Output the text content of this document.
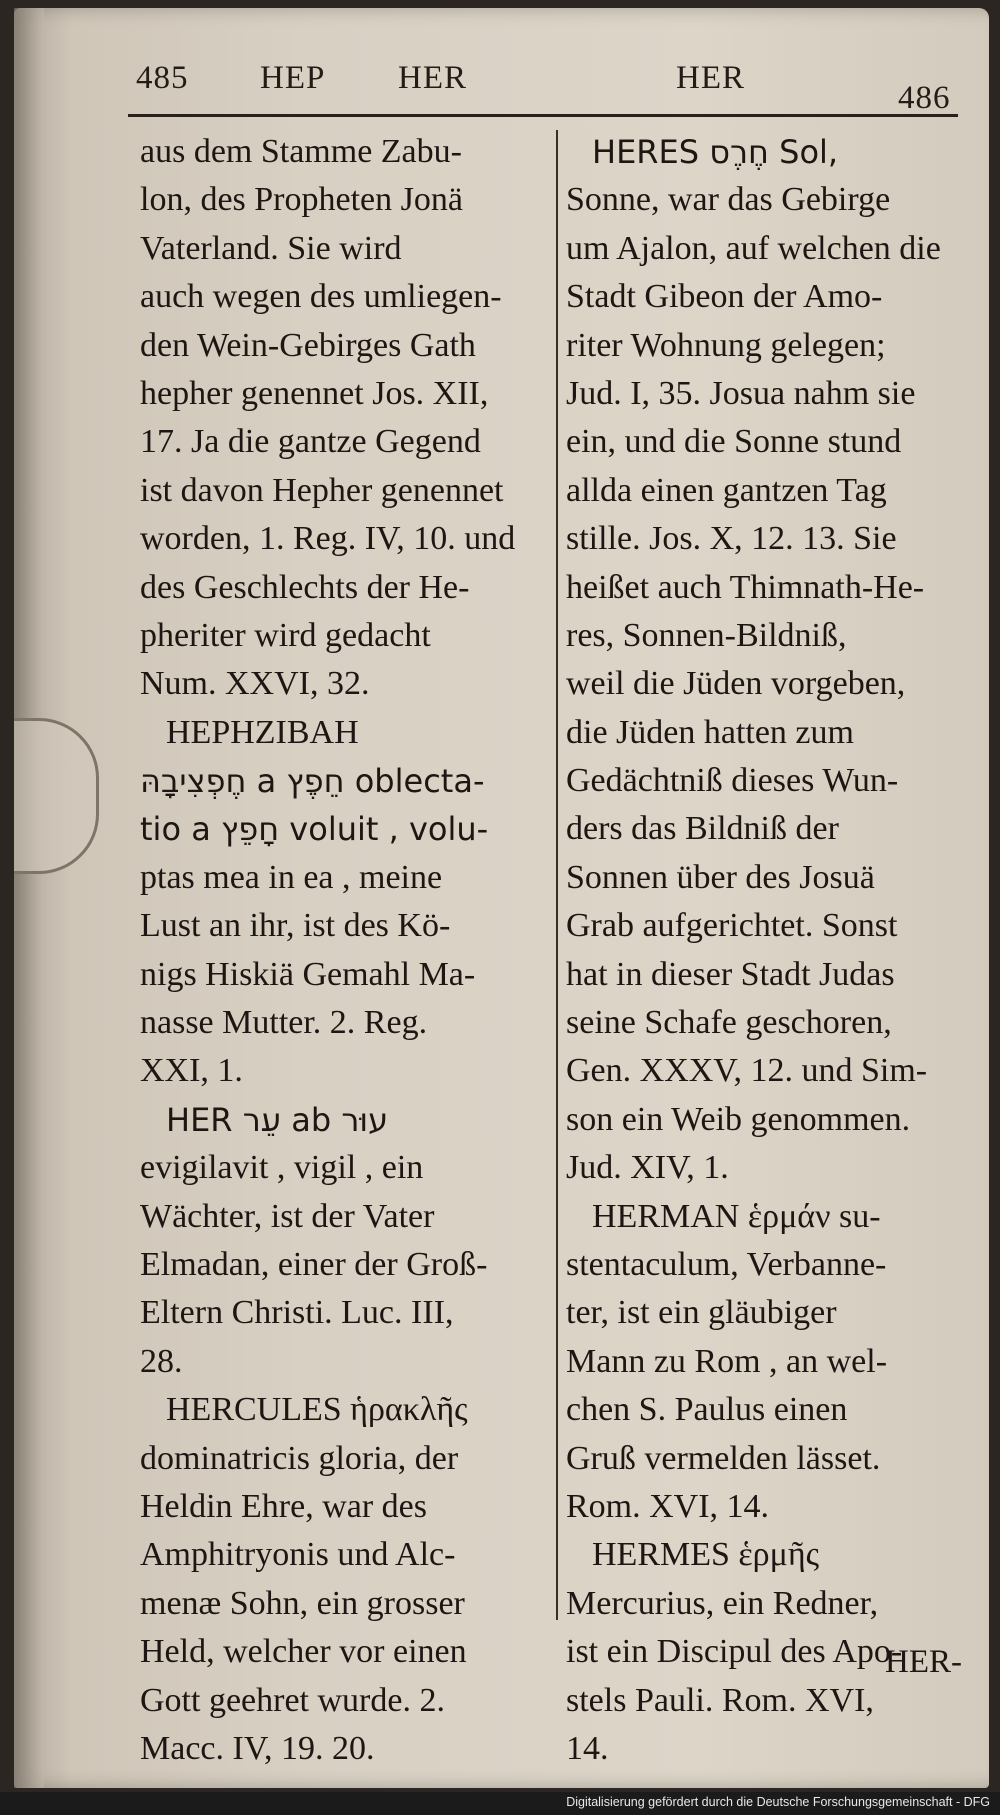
485 HEP HER	HER
486
aus dem Stamme Zabu-
lon, des Propheten Jonä
Vaterland. Sie wird
auch wegen des umliegen-
den Wein-Gebirges Gath
hepher genennet Jos. XII,
17. Ja die gantze Gegend
ist davon Hepher genennet
worden, 1. Reg. IV, 10. und
des Geschlechts der He-
pheriter wird gedacht
Num. XXVI, 32.
HEPHZIBAH
חֶפְצִיבָהּ a חֵפֶץ oblecta-
tio a חָפֵץ voluit , volu-
ptas mea in ea , meine
Lust an ihr, ist des Kö-
nigs Hiskiä Gemahl Ma-
nasse Mutter. 2. Reg.
XXI, 1.
HER עֵר ab עוּר
evigilavit , vigil , ein
Wächter, ist der Vater
Elmadan, einer der Groß-
Eltern Christi. Luc. III,
28.
HERCULES ἡρακλῆς
dominatricis gloria, der
Heldin Ehre, war des
Amphitryonis und Alc-
menæ Sohn, ein grosser
Held, welcher vor einen
Gott geehret wurde. 2.
Macc. IV, 19. 20.
HERES חֶרֶס Sol,
Sonne, war das Gebirge
um Ajalon, auf welchen die
Stadt Gibeon der Amo-
riter Wohnung gelegen;
Jud. I, 35. Josua nahm sie
ein, und die Sonne stund
allda einen gantzen Tag
stille. Jos. X, 12. 13. Sie
heißet auch Thimnath-He-
res, Sonnen-Bildniß,
weil die Jüden vorgeben,
die Jüden hatten zum
Gedächtniß dieses Wun-
ders das Bildniß der
Sonnen über des Josuä
Grab aufgerichtet. Sonst
hat in dieser Stadt Judas
seine Schafe geschoren,
Gen. XXXV, 12. und Sim-
son ein Weib genommen.
Jud. XIV, 1.
HERMAN ἑρμάν su-
stentaculum, Verbanne-
ter, ist ein gläubiger
Mann zu Rom , an wel-
chen S. Paulus einen
Gruß vermelden lässet.
Rom. XVI, 14.
HERMES ἑρμῆς
Mercurius, ein Redner,
ist ein Discipul des Apo-
stels Pauli. Rom. XVI,
14.
HER-
Digitalisierung gefördert durch die Deutsche Forschungsgemeinschaft - DFG
